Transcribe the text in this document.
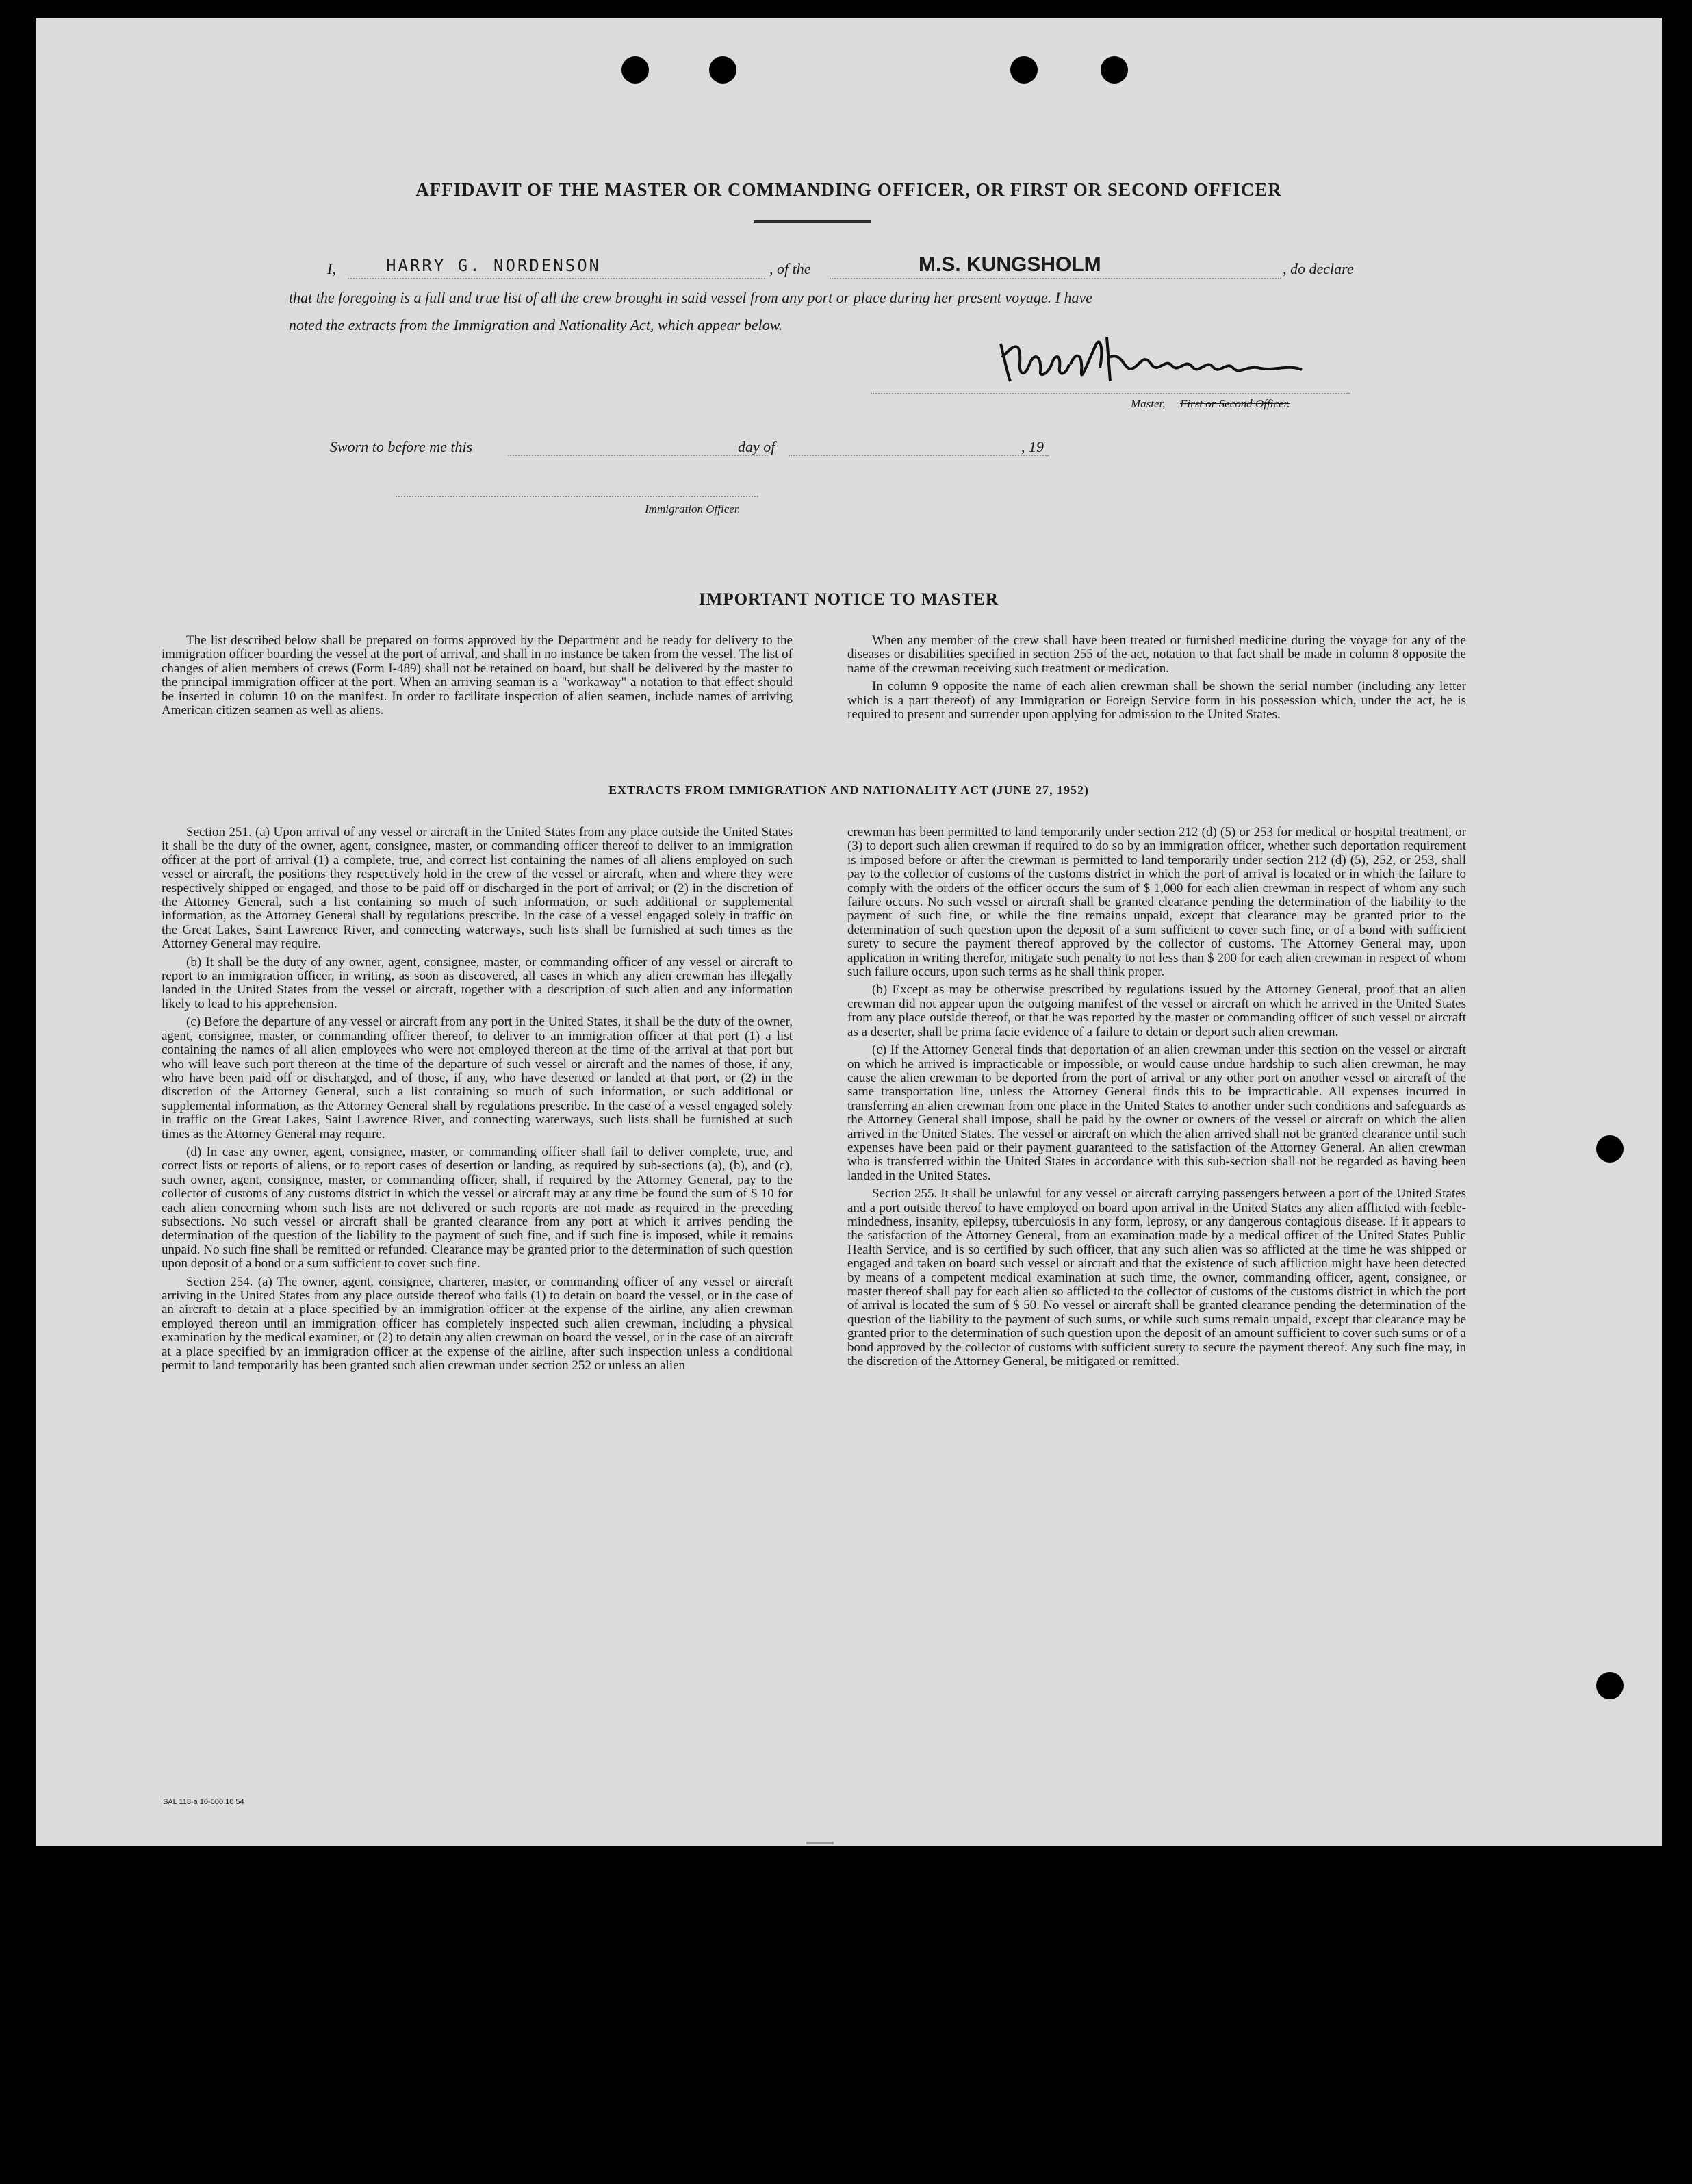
AFFIDAVIT OF THE MASTER OR COMMANDING OFFICER, OR FIRST OR SECOND OFFICER
I,	HARRY G. NORDENSON	, of the	M.S. KUNGSHOLM	, do declare
that the foregoing is a full and true list of all the crew brought in said vessel from any port or place during her present voyage. I have
noted the extracts from the Immigration and Nationality Act, which appear below.
Master, First or Second Officer.
Sworn to before me this	day of	, 19
Immigration Officer.
IMPORTANT NOTICE TO MASTER

The list described below shall be prepared on forms approved by the Department and be ready for delivery to the immigration officer boarding the vessel at the port of arrival, and shall in no instance be taken from the vessel. The list of changes of alien members of crews (Form I-489) shall not be retained on board, but shall be delivered by the master to the principal immigration officer at the port. When an arriving seaman is a "workaway" a notation to that effect should be inserted in column 10 on the manifest. In order to facilitate inspection of alien seamen, include names of arriving American citizen seamen as well as aliens.

When any member of the crew shall have been treated or furnished medicine during the voyage for any of the diseases or disabilities specified in section 255 of the act, notation to that fact shall be made in column 8 opposite the name of the crewman receiving such treatment or medication.

In column 9 opposite the name of each alien crewman shall be shown the serial number (including any letter which is a part thereof) of any Immigration or Foreign Service form in his possession which, under the act, he is required to present and surrender upon applying for admission to the United States.

EXTRACTS FROM IMMIGRATION AND NATIONALITY ACT (JUNE 27, 1952)

Section 251. (a) Upon arrival of any vessel or aircraft in the United States from any place outside the United States it shall be the duty of the owner, agent, consignee, master, or commanding officer thereof to deliver to an immigration officer at the port of arrival (1) a complete, true, and correct list containing the names of all aliens employed on such vessel or aircraft, the positions they respectively hold in the crew of the vessel or aircraft, when and where they were respectively shipped or engaged, and those to be paid off or discharged in the port of arrival; or (2) in the discretion of the Attorney General, such a list containing so much of such information, or such additional or supplemental information, as the Attorney General shall by regulations prescribe. In the case of a vessel engaged solely in traffic on the Great Lakes, Saint Lawrence River, and connecting waterways, such lists shall be furnished at such times as the Attorney General may require.

(b) It shall be the duty of any owner, agent, consignee, master, or commanding officer of any vessel or aircraft to report to an immigration officer, in writing, as soon as discovered, all cases in which any alien crewman has illegally landed in the United States from the vessel or aircraft, together with a description of such alien and any information likely to lead to his apprehension.

(c) Before the departure of any vessel or aircraft from any port in the United States, it shall be the duty of the owner, agent, consignee, master, or commanding officer thereof, to deliver to an immigration officer at that port (1) a list containing the names of all alien employees who were not employed thereon at the time of the arrival at that port but who will leave such port thereon at the time of the departure of such vessel or aircraft and the names of those, if any, who have been paid off or discharged, and of those, if any, who have deserted or landed at that port, or (2) in the discretion of the Attorney General, such a list containing so much of such information, or such additional or supplemental information, as the Attorney General shall by regulations prescribe. In the case of a vessel engaged solely in traffic on the Great Lakes, Saint Lawrence River, and connecting waterways, such lists shall be furnished at such times as the Attorney General may require.

(d) In case any owner, agent, consignee, master, or commanding officer shall fail to deliver complete, true, and correct lists or reports of aliens, or to report cases of desertion or landing, as required by sub-sections (a), (b), and (c), such owner, agent, consignee, master, or commanding officer, shall, if required by the Attorney General, pay to the collector of customs of any customs district in which the vessel or aircraft may at any time be found the sum of $ 10 for each alien concerning whom such lists are not delivered or such reports are not made as required in the preceding subsections. No such vessel or aircraft shall be granted clearance from any port at which it arrives pending the determination of the question of the liability to the payment of such fine, and if such fine is imposed, while it remains unpaid. No such fine shall be remitted or refunded. Clearance may be granted prior to the determination of such question upon deposit of a bond or a sum sufficient to cover such fine.

Section 254. (a) The owner, agent, consignee, charterer, master, or commanding officer of any vessel or aircraft arriving in the United States from any place outside thereof who fails (1) to detain on board the vessel, or in the case of an aircraft to detain at a place specified by an immigration officer at the expense of the airline, any alien crewman employed thereon until an immigration officer has completely inspected such alien crewman, including a physical examination by the medical examiner, or (2) to detain any alien crewman on board the vessel, or in the case of an aircraft at a place specified by an immigration officer at the expense of the airline, after such inspection unless a conditional permit to land temporarily has been granted such alien crewman under section 252 or unless an alien

crewman has been permitted to land temporarily under section 212 (d) (5) or 253 for medical or hospital treatment, or (3) to deport such alien crewman if required to do so by an immigration officer, whether such deportation requirement is imposed before or after the crewman is permitted to land temporarily under section 212 (d) (5), 252, or 253, shall pay to the collector of customs of the customs district in which the port of arrival is located or in which the failure to comply with the orders of the officer occurs the sum of $ 1,000 for each alien crewman in respect of whom any such failure occurs. No such vessel or aircraft shall be granted clearance pending the determination of the liability to the payment of such fine, or while the fine remains unpaid, except that clearance may be granted prior to the determination of such question upon the deposit of a sum sufficient to cover such fine, or of a bond with sufficient surety to secure the payment thereof approved by the collector of customs. The Attorney General may, upon application in writing therefor, mitigate such penalty to not less than $ 200 for each alien crewman in respect of whom such failure occurs, upon such terms as he shall think proper.

(b) Except as may be otherwise prescribed by regulations issued by the Attorney General, proof that an alien crewman did not appear upon the outgoing manifest of the vessel or aircraft on which he arrived in the United States from any place outside thereof, or that he was reported by the master or commanding officer of such vessel or aircraft as a deserter, shall be prima facie evidence of a failure to detain or deport such alien crewman.

(c) If the Attorney General finds that deportation of an alien crewman under this section on the vessel or aircraft on which he arrived is impracticable or impossible, or would cause undue hardship to such alien crewman, he may cause the alien crewman to be deported from the port of arrival or any other port on another vessel or aircraft of the same transportation line, unless the Attorney General finds this to be impracticable. All expenses incurred in transferring an alien crewman from one place in the United States to another under such conditions and safeguards as the Attorney General shall impose, shall be paid by the owner or owners of the vessel or aircraft on which the alien arrived in the United States. The vessel or aircraft on which the alien arrived shall not be granted clearance until such expenses have been paid or their payment guaranteed to the satisfaction of the Attorney General. An alien crewman who is transferred within the United States in accordance with this sub-section shall not be regarded as having been landed in the United States.

Section 255. It shall be unlawful for any vessel or aircraft carrying passengers between a port of the United States and a port outside thereof to have employed on board upon arrival in the United States any alien afflicted with feeble-mindedness, insanity, epilepsy, tuberculosis in any form, leprosy, or any dangerous contagious disease. If it appears to the satisfaction of the Attorney General, from an examination made by a medical officer of the United States Public Health Service, and is so certified by such officer, that any such alien was so afflicted at the time he was shipped or engaged and taken on board such vessel or aircraft and that the existence of such affliction might have been detected by means of a competent medical examination at such time, the owner, commanding officer, agent, consignee, or master thereof shall pay for each alien so afflicted to the collector of customs of the customs district in which the port of arrival is located the sum of $ 50. No vessel or aircraft shall be granted clearance pending the determination of the question of the liability to the payment of such sums, or while such sums remain unpaid, except that clearance may be granted prior to the determination of such question upon the deposit of an amount sufficient to cover such sums or of a bond approved by the collector of customs with sufficient surety to secure the payment thereof. Any such fine may, in the discretion of the Attorney General, be mitigated or remitted.

SAL 118-a 10-000 10 54
